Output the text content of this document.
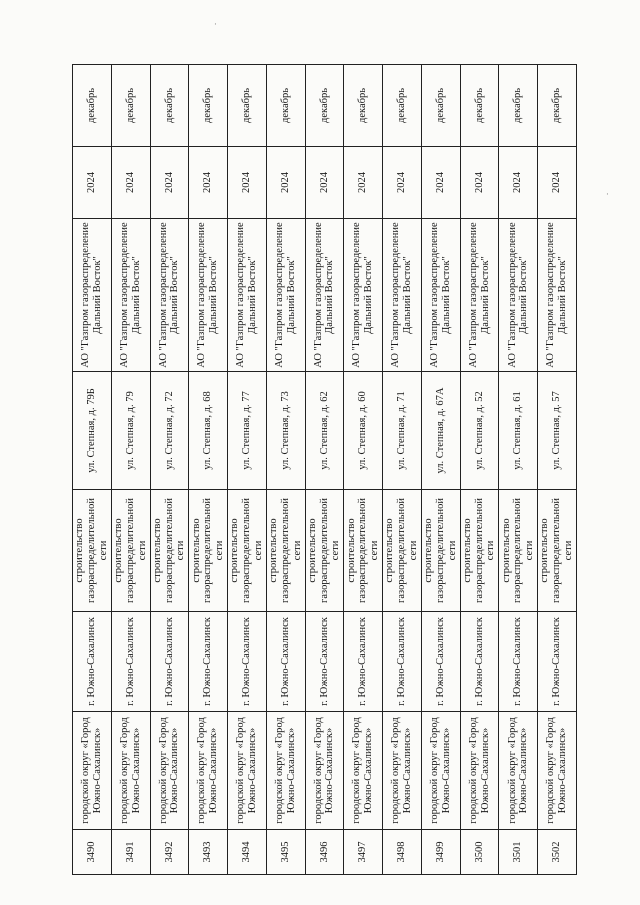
·
·
3490	городской округ «Город Южно-Сахалинск»	г. Южно-Сахалинск	строительство газораспределительной сети	ул. Степная, д. 79Б	АО "Газпром газораспределение Дальний Восток"	2024	декабрь
3491	городской округ «Город Южно-Сахалинск»	г. Южно-Сахалинск	строительство газораспределительной сети	ул. Степная, д. 79	АО "Газпром газораспределение Дальний Восток"	2024	декабрь
3492	городской округ «Город Южно-Сахалинск»	г. Южно-Сахалинск	строительство газораспределительной сети	ул. Степная, д. 72	АО "Газпром газораспределение Дальний Восток"	2024	декабрь
3493	городской округ «Город Южно-Сахалинск»	г. Южно-Сахалинск	строительство газораспределительной сети	ул. Степная, д. 68	АО "Газпром газораспределение Дальний Восток"	2024	декабрь
3494	городской округ «Город Южно-Сахалинск»	г. Южно-Сахалинск	строительство газораспределительной сети	ул. Степная, д. 77	АО "Газпром газораспределение Дальний Восток"	2024	декабрь
3495	городской округ «Город Южно-Сахалинск»	г. Южно-Сахалинск	строительство газораспределительной сети	ул. Степная, д. 73	АО "Газпром газораспределение Дальний Восток"	2024	декабрь
3496	городской округ «Город Южно-Сахалинск»	г. Южно-Сахалинск	строительство газораспределительной сети	ул. Степная, д. 62	АО "Газпром газораспределение Дальний Восток"	2024	декабрь
3497	городской округ «Город Южно-Сахалинск»	г. Южно-Сахалинск	строительство газораспределительной сети	ул. Степная, д. 60	АО "Газпром газораспределение Дальний Восток"	2024	декабрь
3498	городской округ «Город Южно-Сахалинск»	г. Южно-Сахалинск	строительство газораспределительной сети	ул. Степная, д. 71	АО "Газпром газораспределение Дальний Восток"	2024	декабрь
3499	городской округ «Город Южно-Сахалинск»	г. Южно-Сахалинск	строительство газораспределительной сети	ул. Степная, д. 67А	АО "Газпром газораспределение Дальний Восток"	2024	декабрь
3500	городской округ «Город Южно-Сахалинск»	г. Южно-Сахалинск	строительство газораспределительной сети	ул. Степная, д. 52	АО "Газпром газораспределение Дальний Восток"	2024	декабрь
3501	городской округ «Город Южно-Сахалинск»	г. Южно-Сахалинск	строительство газораспределительной сети	ул. Степная, д. 61	АО "Газпром газораспределение Дальний Восток"	2024	декабрь
3502	городской округ «Город Южно-Сахалинск»	г. Южно-Сахалинск	строительство газораспределительной сети	ул. Степная, д. 57	АО "Газпром газораспределение Дальний Восток"	2024	декабрь
